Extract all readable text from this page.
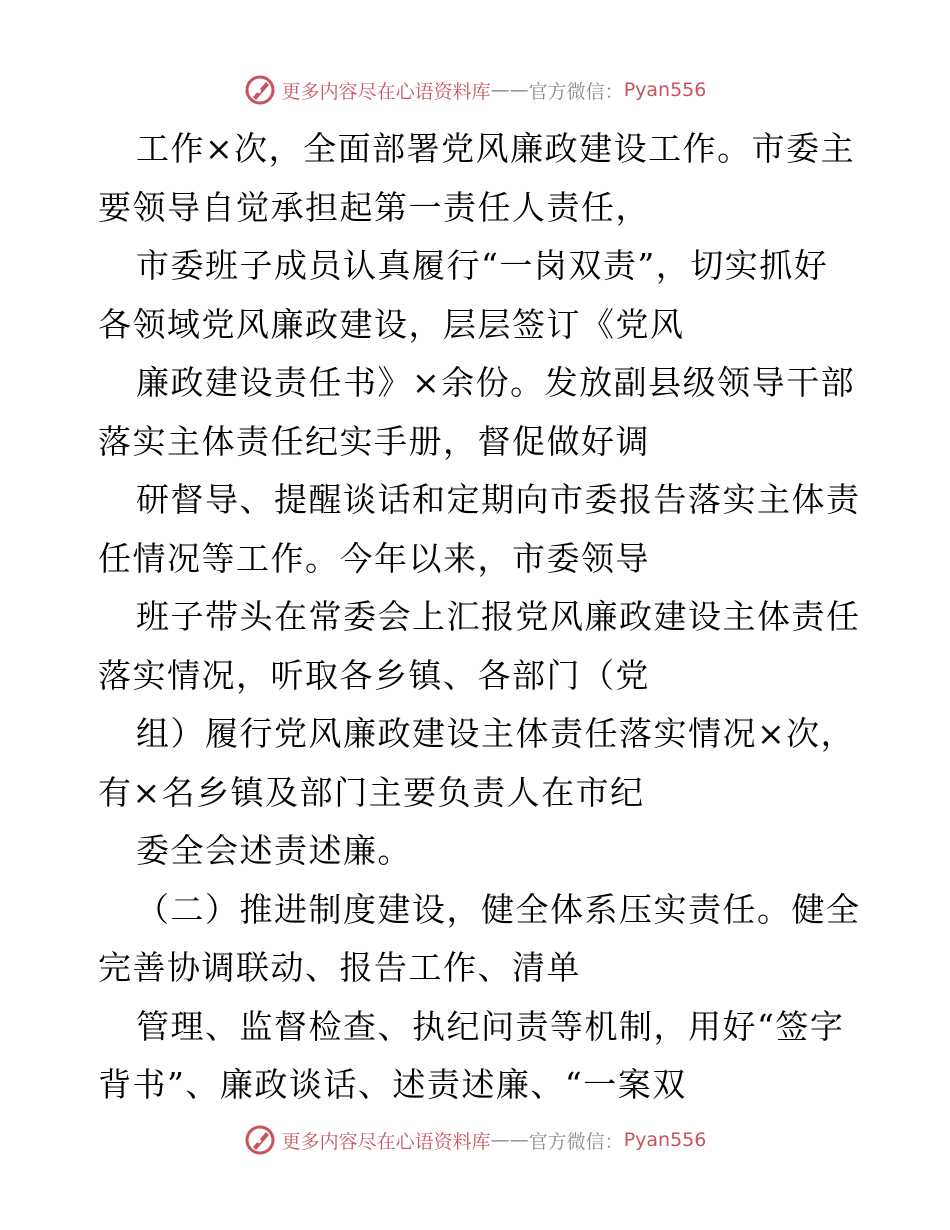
更多内容尽在心语资料库 —— 官方微信： Pyan556
工作×次，全面部署党风廉政建设工作。市委主
要领导自觉承担起第一责任人责任，
市委班子成员认真履行“一岗双责”，切实抓好
各领域党风廉政建设，层层签订《党风
廉政建设责任书》×余份。发放副县级领导干部
落实主体责任纪实手册，督促做好调
研督导、提醒谈话和定期向市委报告落实主体责
任情况等工作。今年以来，市委领导
班子带头在常委会上汇报党风廉政建设主体责任
落实情况，听取各乡镇、各部门（党
组）履行党风廉政建设主体责任落实情况×次，
有×名乡镇及部门主要负责人在市纪
委全会述责述廉。
（二）推进制度建设，健全体系压实责任。健全
完善协调联动、报告工作、清单
管理、监督检查、执纪问责等机制，用好“签字
背书”、廉政谈话、述责述廉、“一案双
更多内容尽在心语资料库 —— 官方微信： Pyan556
